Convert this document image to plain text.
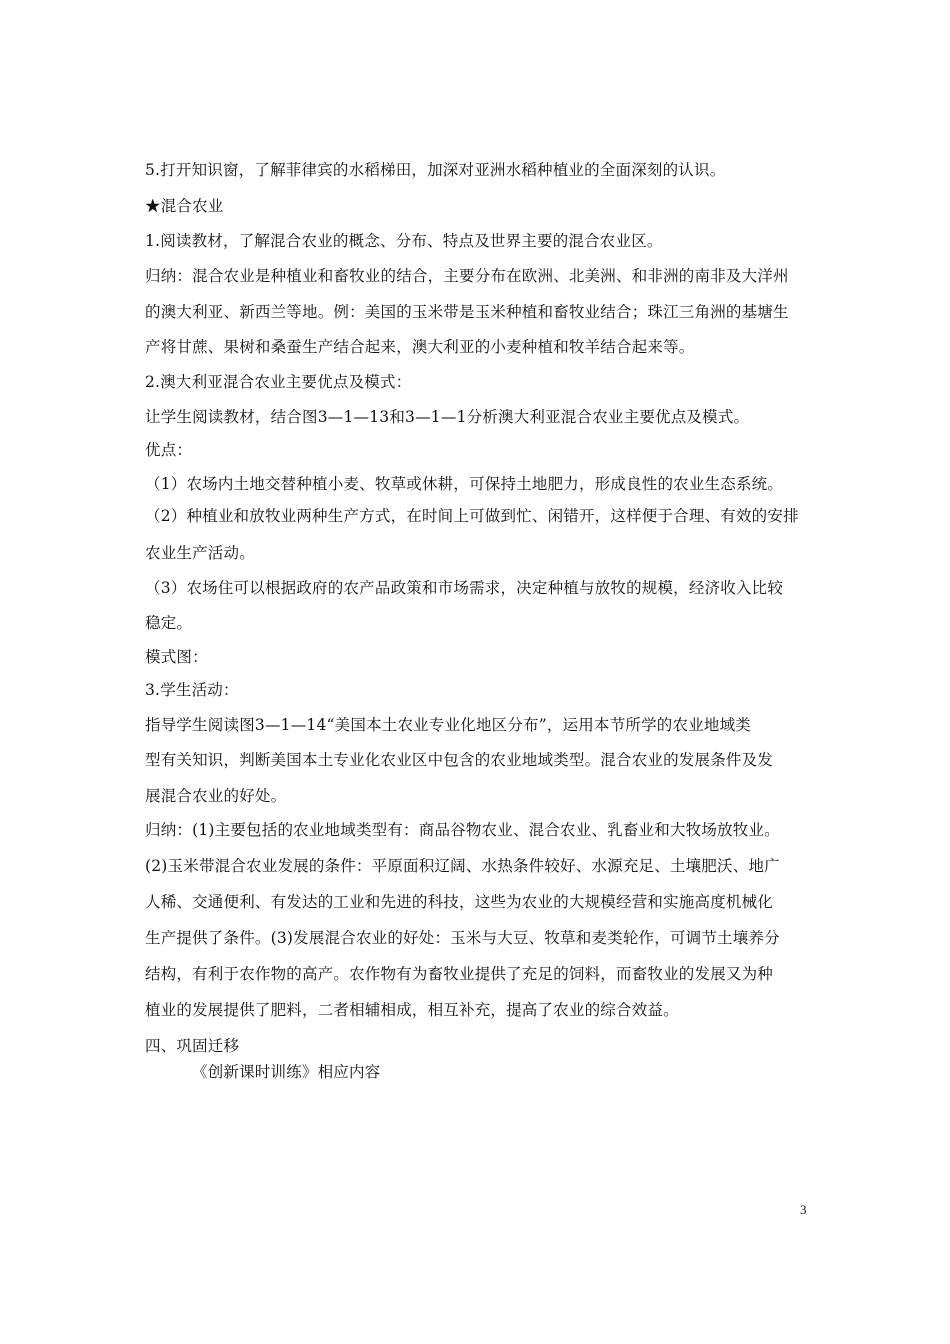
5.打开知识窗，了解菲律宾的水稻梯田，加深对亚洲水稻种植业的全面深刻的认识。
★混合农业
1.阅读教材，了解混合农业的概念、分布、特点及世界主要的混合农业区。
归纳：混合农业是种植业和畜牧业的结合，主要分布在欧洲、北美洲、和非洲的南非及大洋州
的澳大利亚、新西兰等地。例：美国的玉米带是玉米种植和畜牧业结合；珠江三角洲的基塘生
产将甘蔗、果树和桑蚕生产结合起来，澳大利亚的小麦种植和牧羊结合起来等。
2.澳大利亚混合农业主要优点及模式：
让学生阅读教材，结合图3—1—13和3—1—1分析澳大利亚混合农业主要优点及模式。
优点：
（1）农场内土地交替种植小麦、牧草或休耕，可保持土地肥力，形成良性的农业生态系统。
（2）种植业和放牧业两种生产方式，在时间上可做到忙、闲错开，这样便于合理、有效的安排
农业生产活动。
（3）农场住可以根据政府的农产品政策和市场需求，决定种植与放牧的规模，经济收入比较
稳定。
模式图：
3.学生活动：
指导学生阅读图3—1—14“美国本土农业专业化地区分布”，运用本节所学的农业地域类
型有关知识，判断美国本土专业化农业区中包含的农业地域类型。混合农业的发展条件及发
展混合农业的好处。
归纳：(1)主要包括的农业地域类型有：商品谷物农业、混合农业、乳畜业和大牧场放牧业。
(2)玉米带混合农业发展的条件：平原面积辽阔、水热条件较好、水源充足、土壤肥沃、地广
人稀、交通便利、有发达的工业和先进的科技，这些为农业的大规模经营和实施高度机械化
生产提供了条件。(3)发展混合农业的好处：玉米与大豆、牧草和麦类轮作，可调节土壤养分
结构，有利于农作物的高产。农作物有为畜牧业提供了充足的饲料，而畜牧业的发展又为种
植业的发展提供了肥料，二者相辅相成，相互补充，提高了农业的综合效益。
四、巩固迁移
《创新课时训练》相应内容
3
